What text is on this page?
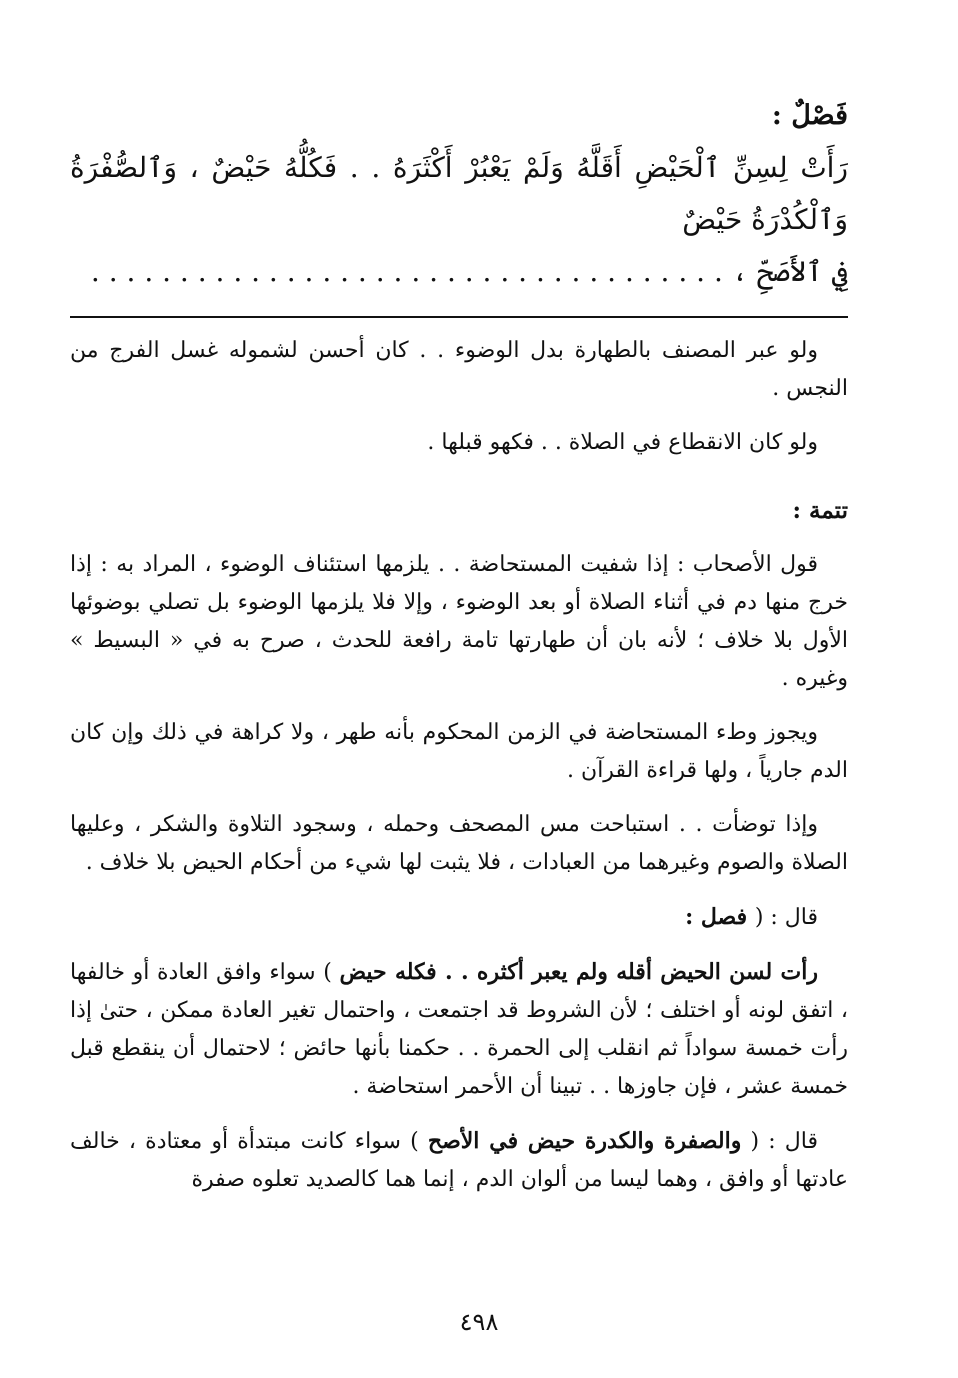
فَصْلٌ :

رَأَتْ لِسِنِّ ٱلْحَيْضِ أَقَلَّهُ وَلَمْ يَعْبُرْ أَكْثَرَهُ . . فَكُلُّهُ حَيْضٌ ، وَٱلصُّفْرَةُ وَٱلْكُدْرَةُ حَيْضٌ

فِي ٱلأَصَحِّ ، . . . . . . . . . . . . . . . . . . . . . . . . . . . . . . . . . . . .

ولو عبر المصنف بالطهارة بدل الوضوء . . كان أحسن لشموله غسل الفرج من النجس .

ولو كان الانقطاع في الصلاة . . فكهو قبلها .

تتمة :

قول الأصحاب : إذا شفيت المستحاضة . . يلزمها استئناف الوضوء ، المراد به : إذا خرج منها دم في أثناء الصلاة أو بعد الوضوء ، وإلا فلا يلزمها الوضوء بل تصلي بوضوئها الأول بلا خلاف ؛ لأنه بان أن طهارتها تامة رافعة للحدث ، صرح به في « البسيط » وغيره .

ويجوز وطء المستحاضة في الزمن المحكوم بأنه طهر ، ولا كراهة في ذلك وإن كان الدم جارياً ، ولها قراءة القرآن .

وإذا توضأت . . استباحت مس المصحف وحمله ، وسجود التلاوة والشكر ، وعليها الصلاة والصوم وغيرهما من العبادات ، فلا يثبت لها شيء من أحكام الحيض بلا خلاف .

قال : ( فصل :

رأت لسن الحيض أقله ولم يعبر أكثره . . فكله حيض ) سواء وافق العادة أو خالفها ، اتفق لونه أو اختلف ؛ لأن الشروط قد اجتمعت ، واحتمال تغير العادة ممكن ، حتىٰ إذا رأت خمسة سواداً ثم انقلب إلى الحمرة . . حكمنا بأنها حائض ؛ لاحتمال أن ينقطع قبل خمسة عشر ، فإن جاوزها . . تبينا أن الأحمر استحاضة .

قال : ( والصفرة والكدرة حيض في الأصح ) سواء كانت مبتدأة أو معتادة ، خالف عادتها أو وافق ، وهما ليسا من ألوان الدم ، إنما هما كالصديد تعلوه صفرة

٤٩٨
